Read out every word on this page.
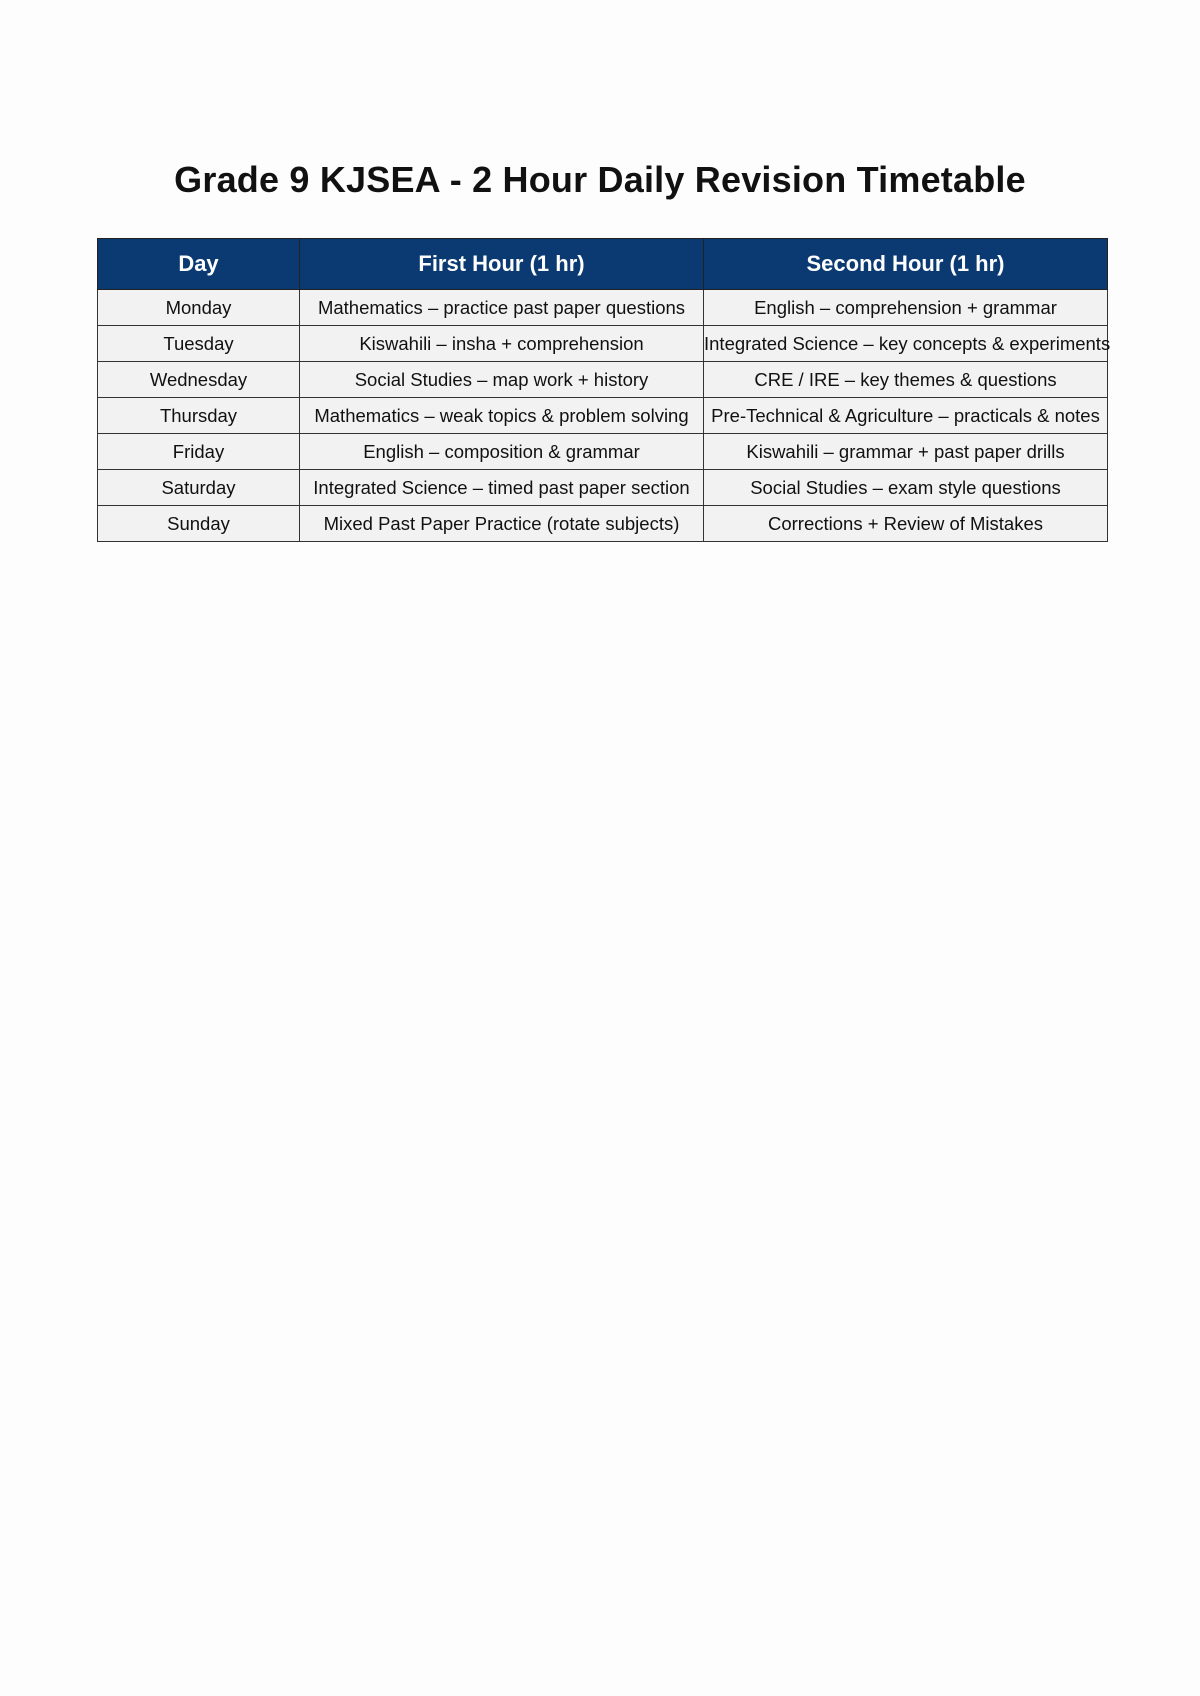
Grade 9 KJSEA - 2 Hour Daily Revision Timetable
Day	First Hour (1 hr)	Second Hour (1 hr)
Monday	Mathematics – practice past paper questions	English – comprehension + grammar
Tuesday	Kiswahili – insha + comprehension	Integrated Science – key concepts & experiments
Wednesday	Social Studies – map work + history	CRE / IRE – key themes & questions
Thursday	Mathematics – weak topics & problem solving	Pre-Technical & Agriculture – practicals & notes
Friday	English – composition & grammar	Kiswahili – grammar + past paper drills
Saturday	Integrated Science – timed past paper section	Social Studies – exam style questions
Sunday	Mixed Past Paper Practice (rotate subjects)	Corrections + Review of Mistakes
